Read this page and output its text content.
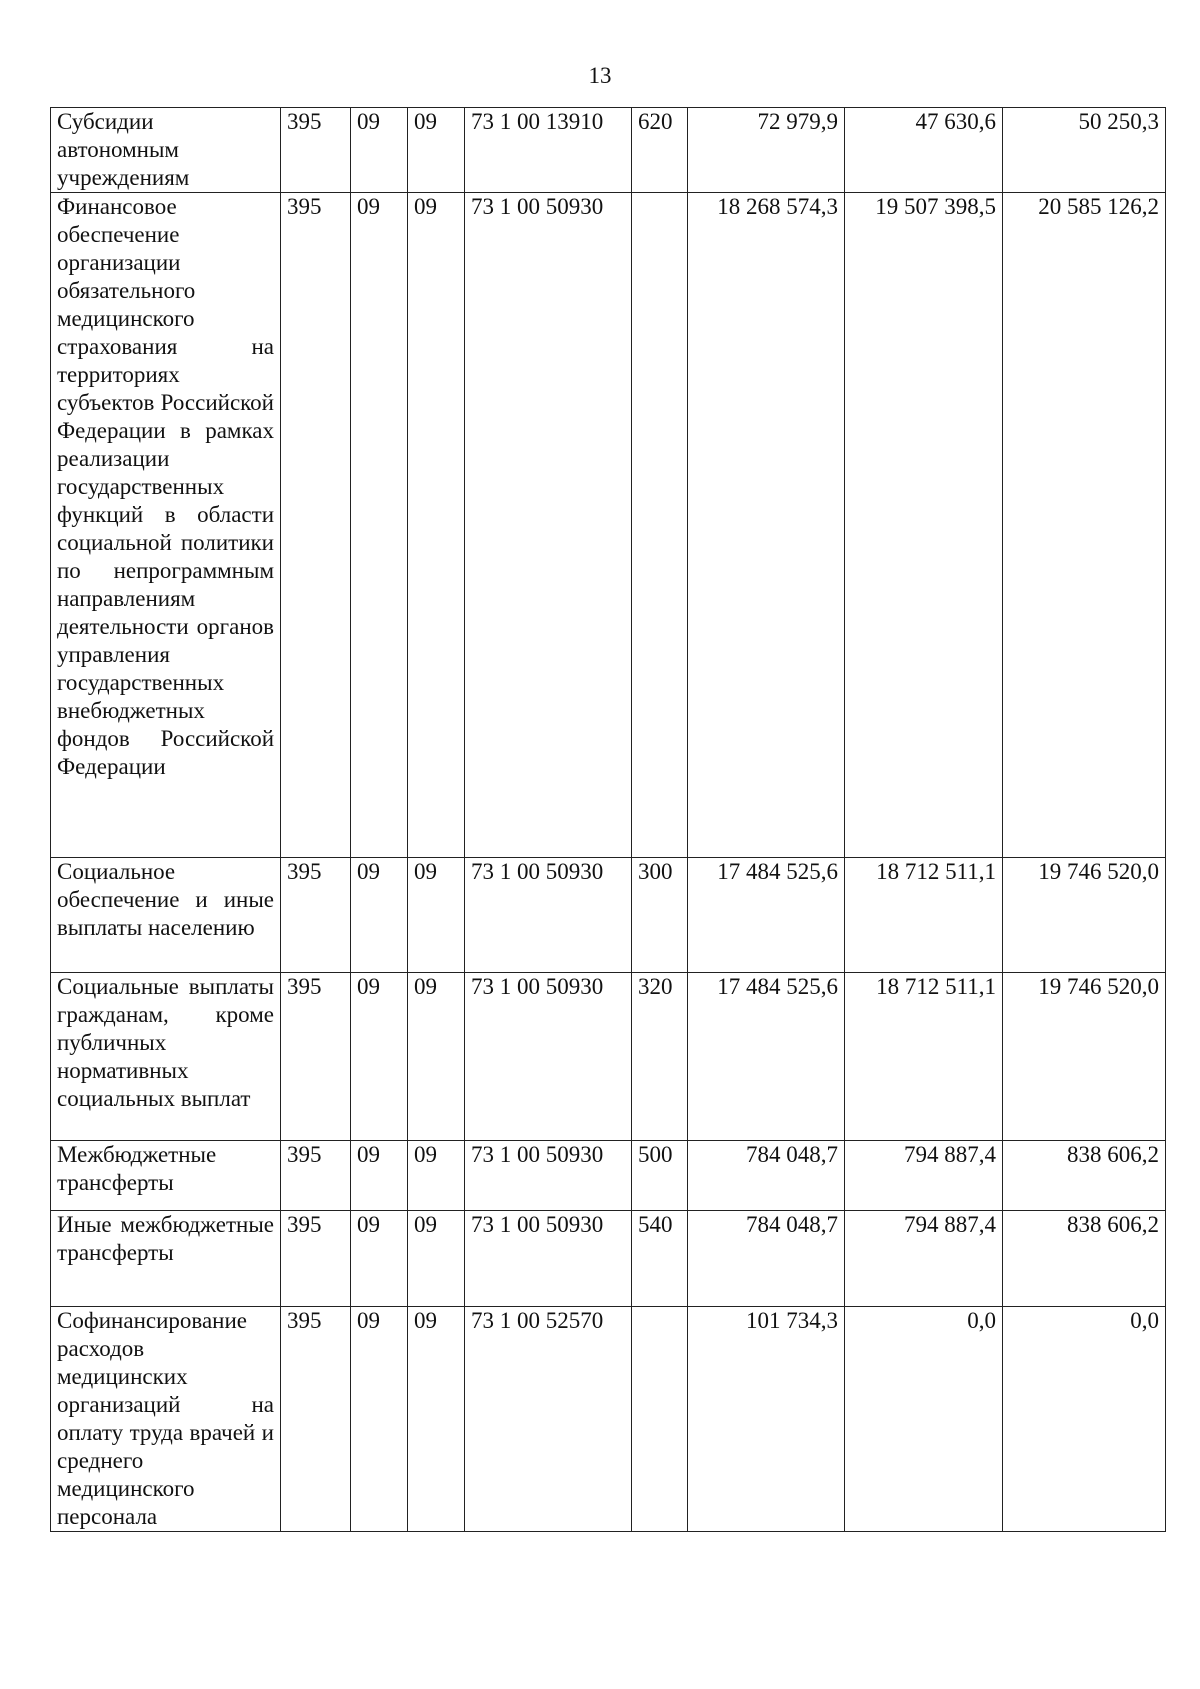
13
Субсидии автономным учреждениям	395	09	09	73 1 00 13910	620	72 979,9	47 630,6	50 250,3
Финансовое обеспечение организации обязательного медицинского страхования на территориях субъектов Российской Федерации в рамках реализации государственных функций в области социальной политики по непрограммным направлениям деятельности органов управления государственных внебюджетных фондов Российской Федерации	395	09	09	73 1 00 50930		18 268 574,3	19 507 398,5	20 585 126,2
Социальное обеспечение и иные выплаты населению	395	09	09	73 1 00 50930	300	17 484 525,6	18 712 511,1	19 746 520,0
Социальные выплаты гражданам, кроме публичных нормативных социальных выплат	395	09	09	73 1 00 50930	320	17 484 525,6	18 712 511,1	19 746 520,0
Межбюджетные трансферты	395	09	09	73 1 00 50930	500	784 048,7	794 887,4	838 606,2
Иные межбюджетные трансферты	395	09	09	73 1 00 50930	540	784 048,7	794 887,4	838 606,2
Софинансирование расходов медицинских организаций на оплату труда врачей и среднего медицинского персонала	395	09	09	73 1 00 52570		101 734,3	0,0	0,0
